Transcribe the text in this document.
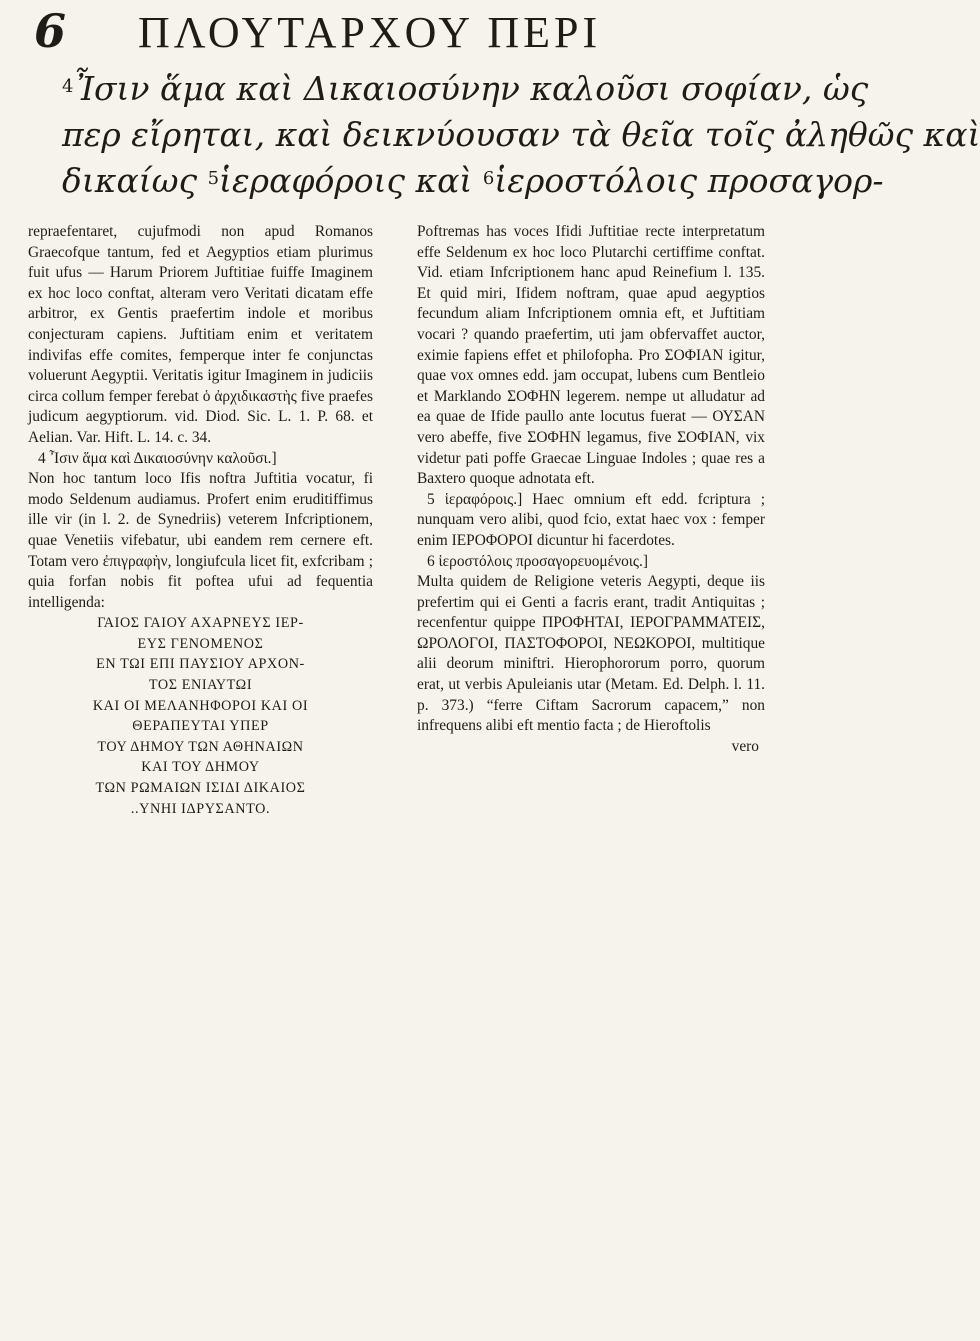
6	ΠΛΟΥΤΑΡΧΟΥ ΠΕΡΙ
$^4$Ἶσιν ἅμα καὶ Δικαιοσύνην καλοῦσι σοφίαν, ὡς
περ εἴρηται, καὶ δεικνύουσαν τὰ θεῖα τοῖς ἀληθῶς καὶ
δικαίως $^5$ἱεραφόροις καὶ $^6$ἱεροστόλοις προσαγορ-

repraefentaret, cujufmodi non apud Romanos Graecofque tantum, fed et Aegyptios etiam plurimus fuit ufus — Harum Priorem Juftitiae fuiffe Imaginem ex hoc loco conftat, alteram vero Veritati dicatam effe arbitror, ex Gentis praefertim indole et moribus conjecturam capiens. Juftitiam enim et veritatem indivifas effe comites, femperque inter fe conjunctas voluerunt Aegyptii. Veritatis igitur Imaginem in judiciis circa collum femper ferebat ὁ ἀρχιδικαστὴς five praefes judicum aegyptiorum. vid. Diod. Sic. L. 1. P. 68. et Aelian. Var. Hift. L. 14. c. 34.

4 Ἶσιν ἅμα καὶ Δικαιοσύνην καλοῦσι.]

Non hoc tantum loco Ifis noftra Juftitia vocatur, fi modo Seldenum audiamus. Profert enim eruditiffimus ille vir (in l. 2. de Synedriis) veterem Infcriptionem, quae Venetiis vifebatur, ubi eandem rem cernere eft. Totam vero ἐπιγραφὴν, longiufcula licet fit, exfcribam ; quia forfan nobis fit poftea ufui ad fequentia intelligenda:

ΓΑΙΟΣ ΓΑΙΟΥ ΑΧΑΡΝΕΥΣ ΙΕΡ-

ΕΥΣ ΓΕΝΟΜΕΝΟΣ

ΕΝ ΤΩΙ ΕΠΙ ΠΑΥΣΙΟΥ ΑΡΧΟΝ-

ΤΟΣ ΕΝΙΑΥΤΩΙ

ΚΑΙ ΟΙ ΜΕΛΑΝΗΦΟΡΟΙ ΚΑΙ ΟΙ

ΘΕΡΑΠΕΥΤΑΙ ΥΠΕΡ

ΤΟΥ ΔΗΜΟΥ ΤΩΝ ΑΘΗΝΑΙΩΝ

ΚΑΙ ΤΟΥ ΔΗΜΟΥ

ΤΩΝ ΡΩΜΑΙΩΝ ΙΣΙΔΙ ΔΙΚΑΙΟΣ

..ΥΝΗΙ ΙΔΡΥΣΑΝΤΟ.

Poftremas has voces Ifidi Juftitiae recte interpretatum effe Seldenum ex hoc loco Plutarchi certiffime conftat. Vid. etiam Infcriptionem hanc apud Reinefium l. 135. Et quid miri, Ifidem noftram, quae apud aegyptios fecundum aliam Infcriptionem omnia eft, et Juftitiam vocari ? quando praefertim, uti jam obfervaffet auctor, eximie fapiens effet et philofopha. Pro ΣΟΦΙΑΝ igitur, quae vox omnes edd. jam occupat, lubens cum Bentleio et Marklando ΣΟΦΗΝ legerem. nempe ut alludatur ad ea quae de Ifide paullo ante locutus fuerat — ΟΥΣΑΝ vero abeffe, five ΣΟΦΗΝ legamus, five ΣΟΦΙΑΝ, vix videtur pati poffe Graecae Linguae Indoles ; quae res a Baxtero quoque adnotata eft.

5 ἱεραφόροις.] Haec omnium eft edd. fcriptura ; nunquam vero alibi, quod fcio, extat haec vox : femper enim ΙΕΡΟΦΟΡΟΙ dicuntur hi facerdotes.

6 ἱεροστόλοις προσαγορευομένοις.]

Multa quidem de Religione veteris Aegypti, deque iis prefertim qui ei Genti a facris erant, tradit Antiquitas ; recenfentur quippe ΠΡΟΦΗΤΑΙ, ΙΕΡΟΓΡΑΜΜΑΤΕΙΣ, ΩΡΟΛΟΓΟΙ, ΠΑΣΤΟΦΟΡΟΙ, ΝΕΩΚΟΡΟΙ, multitique alii deorum miniftri. Hierophororum porro, quorum erat, ut verbis Apuleianis utar (Metam. Ed. Delph. l. 11. p. 373.) “ferre Ciftam Sacrorum capacem,” non infrequens alibi eft mentio facta ; de Hieroftolis

vero
